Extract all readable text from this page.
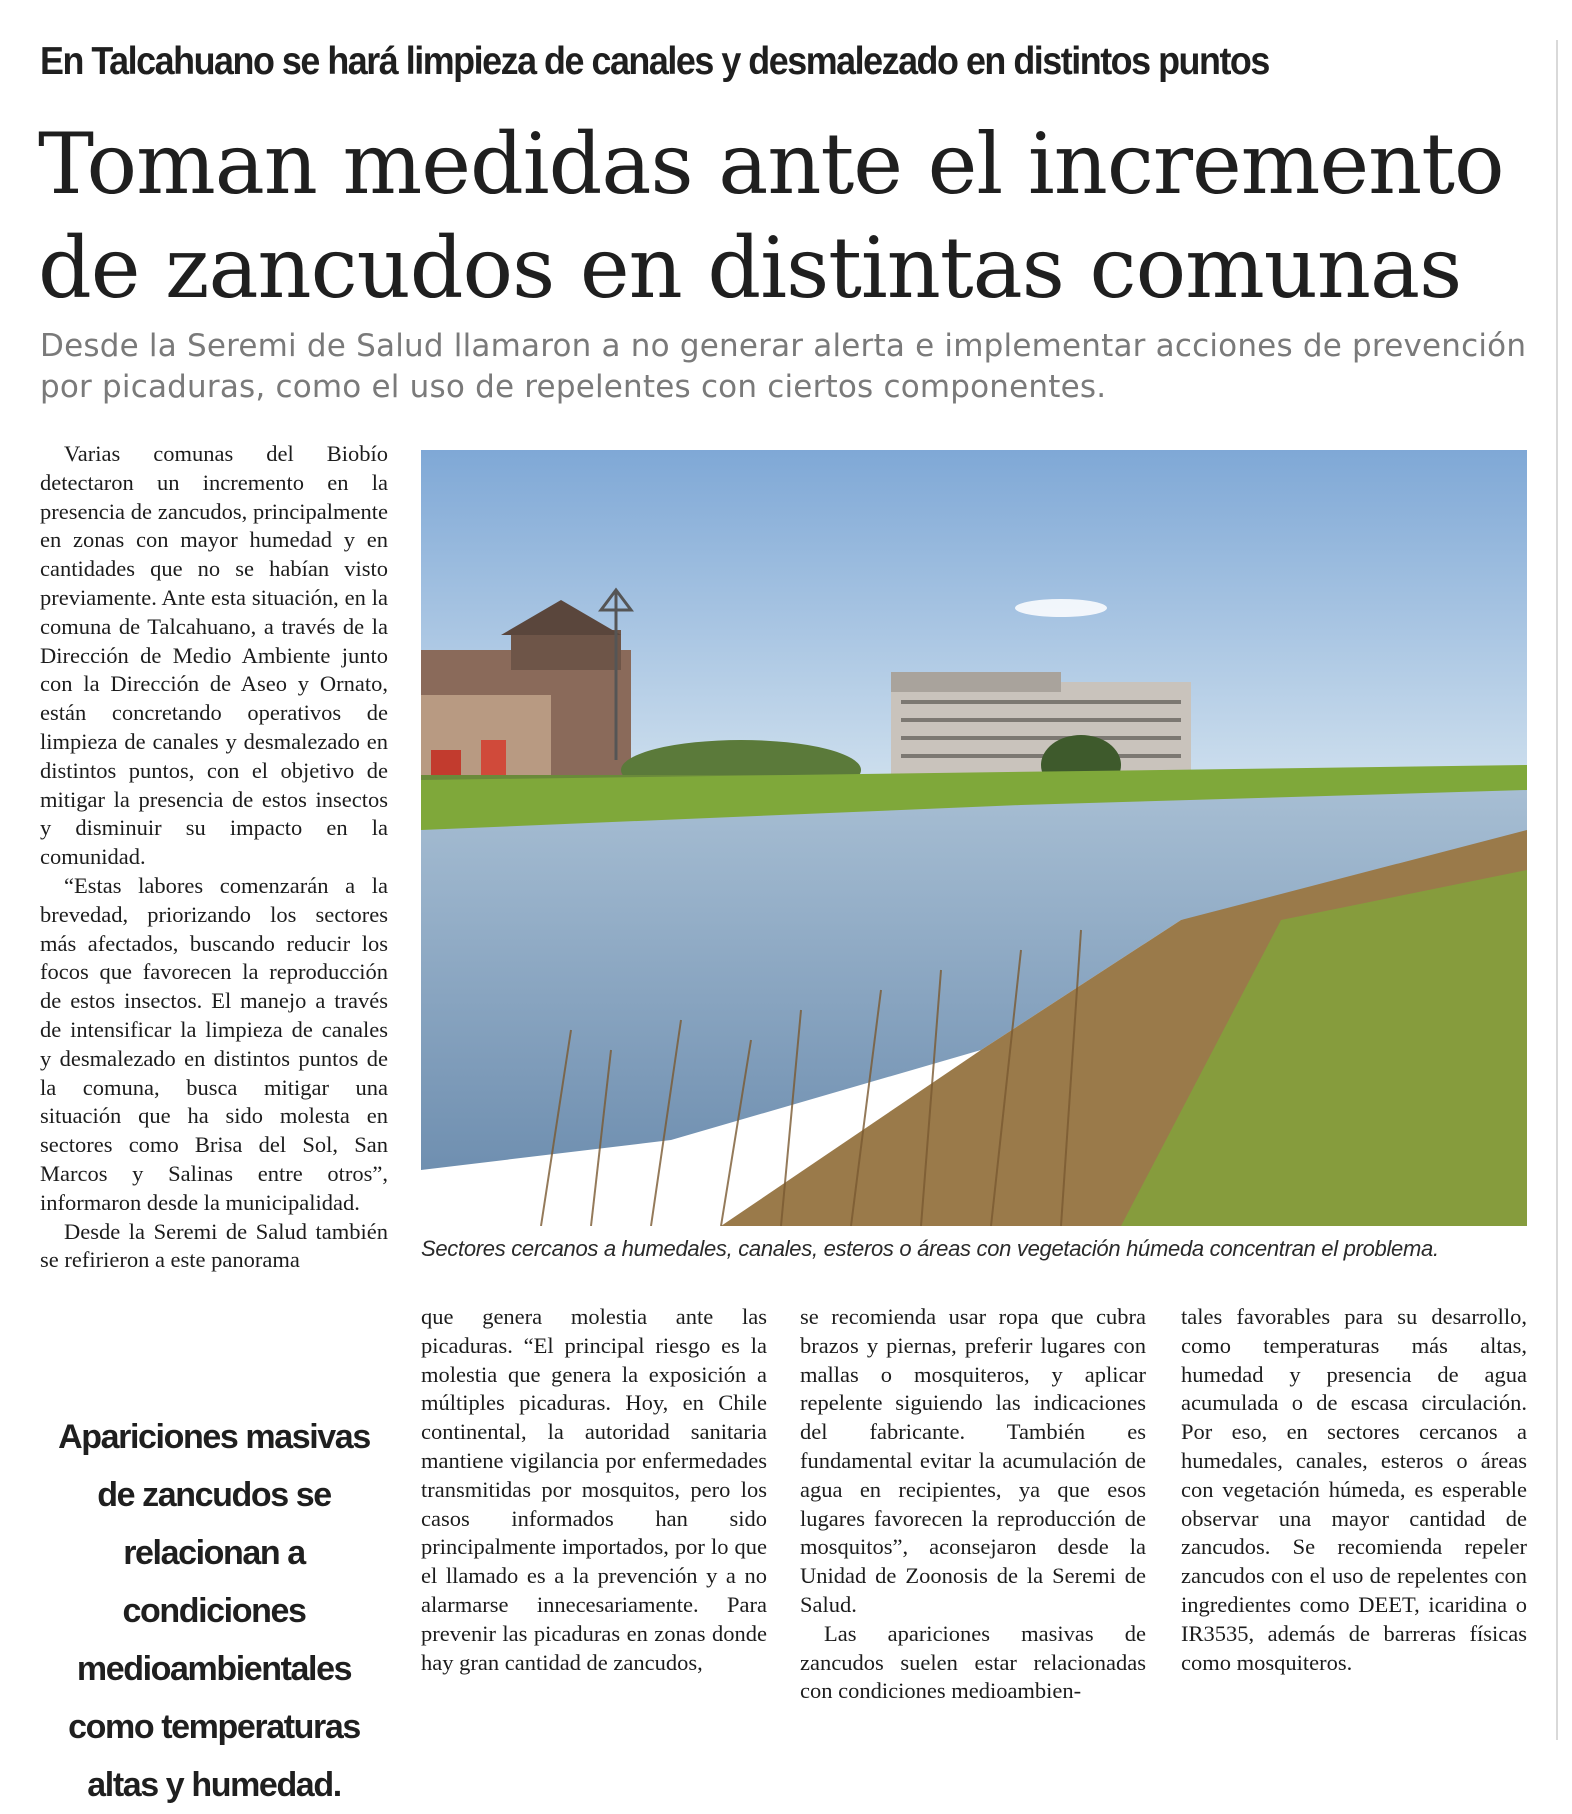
En Talcahuano se hará limpieza de canales y desmalezado en distintos puntos
Toman medidas ante el incremento
de zancudos en distintas comunas
Desde la Seremi de Salud llamaron a no generar alerta e implementar acciones de prevención
por picaduras, como el uso de repelentes con ciertos componentes.

Varias comunas del Biobío detectaron un incremento en la presencia de zancudos, principalmente en zonas con mayor humedad y en cantidades que no se habían visto previamente. Ante esta situación, en la comuna de Talcahuano, a través de la Dirección de Medio Ambiente junto con la Dirección de Aseo y Ornato, están concretando operativos de limpieza de canales y desmalezado en distintos puntos, con el objetivo de mitigar la presencia de estos insectos y disminuir su impacto en la comunidad.

“Estas labores comenzarán a la brevedad, priorizando los sectores más afectados, buscando reducir los focos que favorecen la reproducción de estos insectos. El manejo a través de intensificar la limpieza de canales y desmalezado en distintos puntos de la comuna, busca mitigar una situación que ha sido molesta en sectores como Brisa del Sol, San Marcos y Salinas entre otros”, informaron desde la municipalidad.

Desde la Seremi de Salud también se refirieron a este panorama	Sectores cercanos a humedales, canales, esteros o áreas con vegetación húmeda concentran el problema.
Apariciones masivas de zancudos se relacionan a condiciones medioambientales como temperaturas altas y humedad.

que genera molestia ante las picaduras. “El principal riesgo es la molestia que genera la exposición a múltiples picaduras. Hoy, en Chile continental, la autoridad sanitaria mantiene vigilancia por enfermedades transmitidas por mosquitos, pero los casos informados han sido principalmente importados, por lo que el llamado es a la prevención y a no alarmarse innecesariamente. Para prevenir las picaduras en zonas donde hay gran cantidad de zancudos,

se recomienda usar ropa que cubra brazos y piernas, preferir lugares con mallas o mosquiteros, y aplicar repelente siguiendo las indicaciones del fabricante. También es fundamental evitar la acumulación de agua en recipientes, ya que esos lugares favorecen la reproducción de mosquitos”, aconsejaron desde la Unidad de Zoonosis de la Seremi de Salud.

Las apariciones masivas de zancudos suelen estar relacionadas con condiciones medioambien-

tales favorables para su desarrollo, como temperaturas más altas, humedad y presencia de agua acumulada o de escasa circulación. Por eso, en sectores cercanos a humedales, canales, esteros o áreas con vegetación húmeda, es esperable observar una mayor cantidad de zancudos. Se recomienda repeler zancudos con el uso de repelentes con ingredientes como DEET, icaridina o IR3535, además de barreras físicas como mosquiteros.
